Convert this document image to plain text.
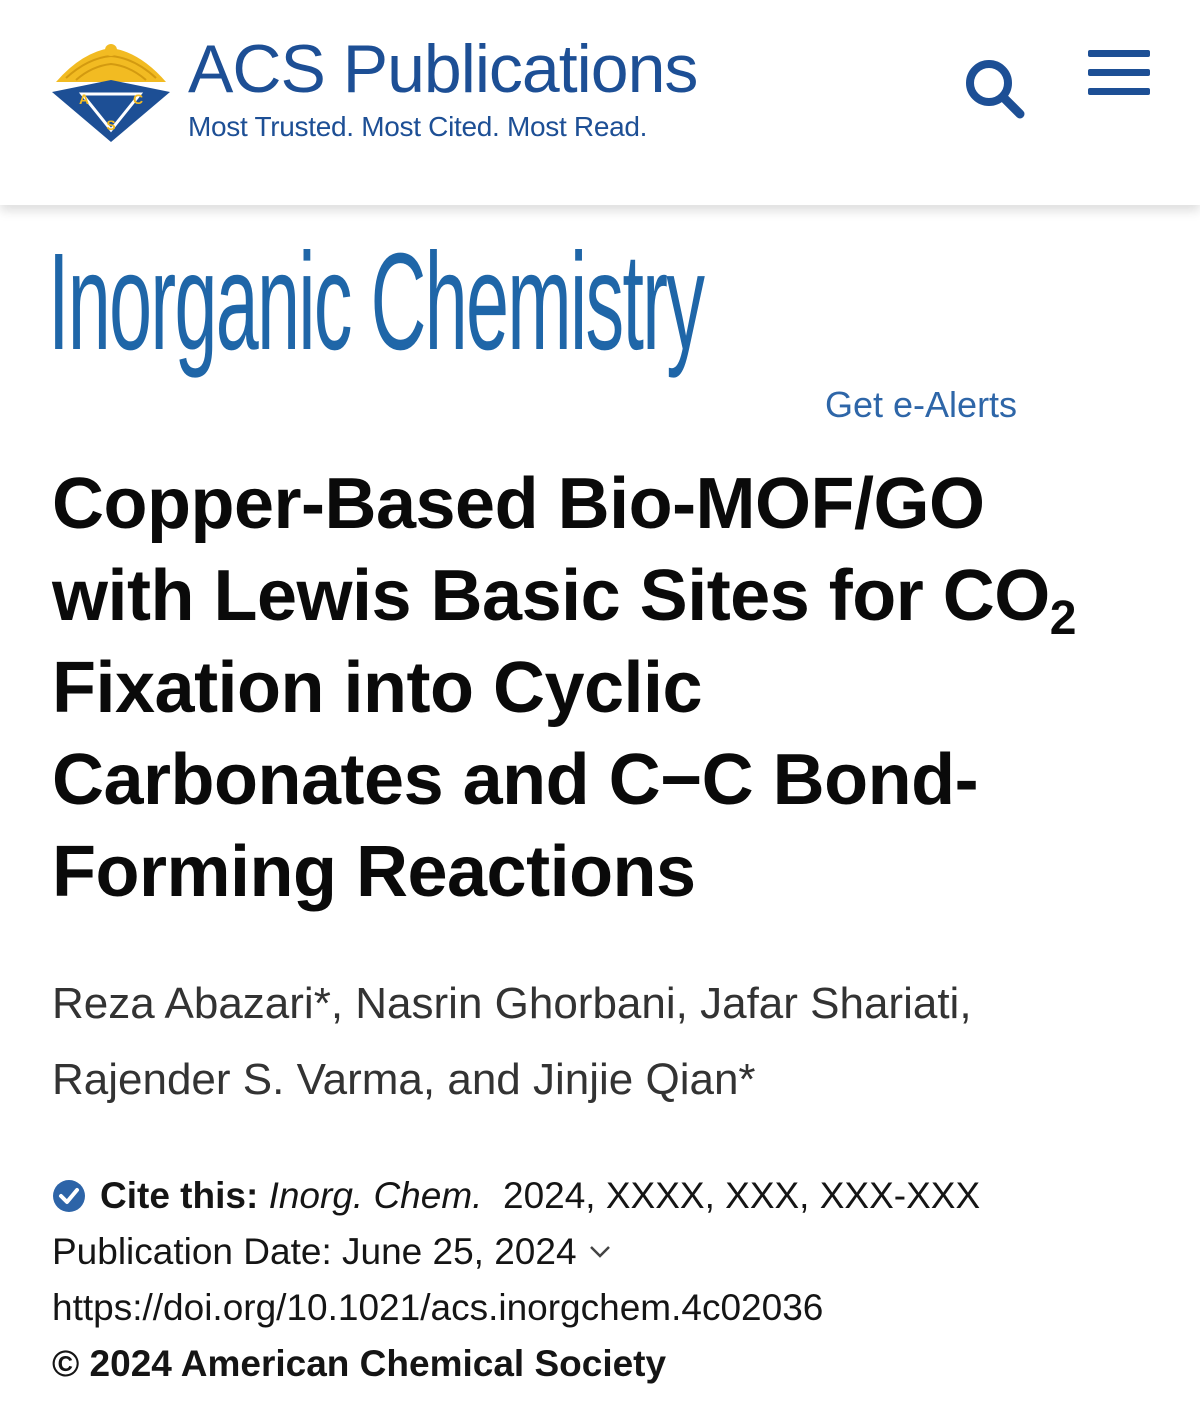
A	C
S
ACS Publications
Most Trusted. Most Cited. Most Read.
Inorganic Chemistry
Get e-Alerts
Copper-Based Bio-MOF/GO
with Lewis Basic Sites for $CO_2$
Fixation into Cyclic
Carbonates and C−C Bond-
Forming Reactions
Reza Abazari*, Nasrin Ghorbani, Jafar Shariati,
Rajender S. Varma, and Jinjie Qian*
Cite this: Inorg. Chem. 2024, XXXX, XXX, XXX-XXX
Publication Date: June 25, 2024
https://doi.org/10.1021/acs.inorgchem.4c02036
© 2024 American Chemical Society
